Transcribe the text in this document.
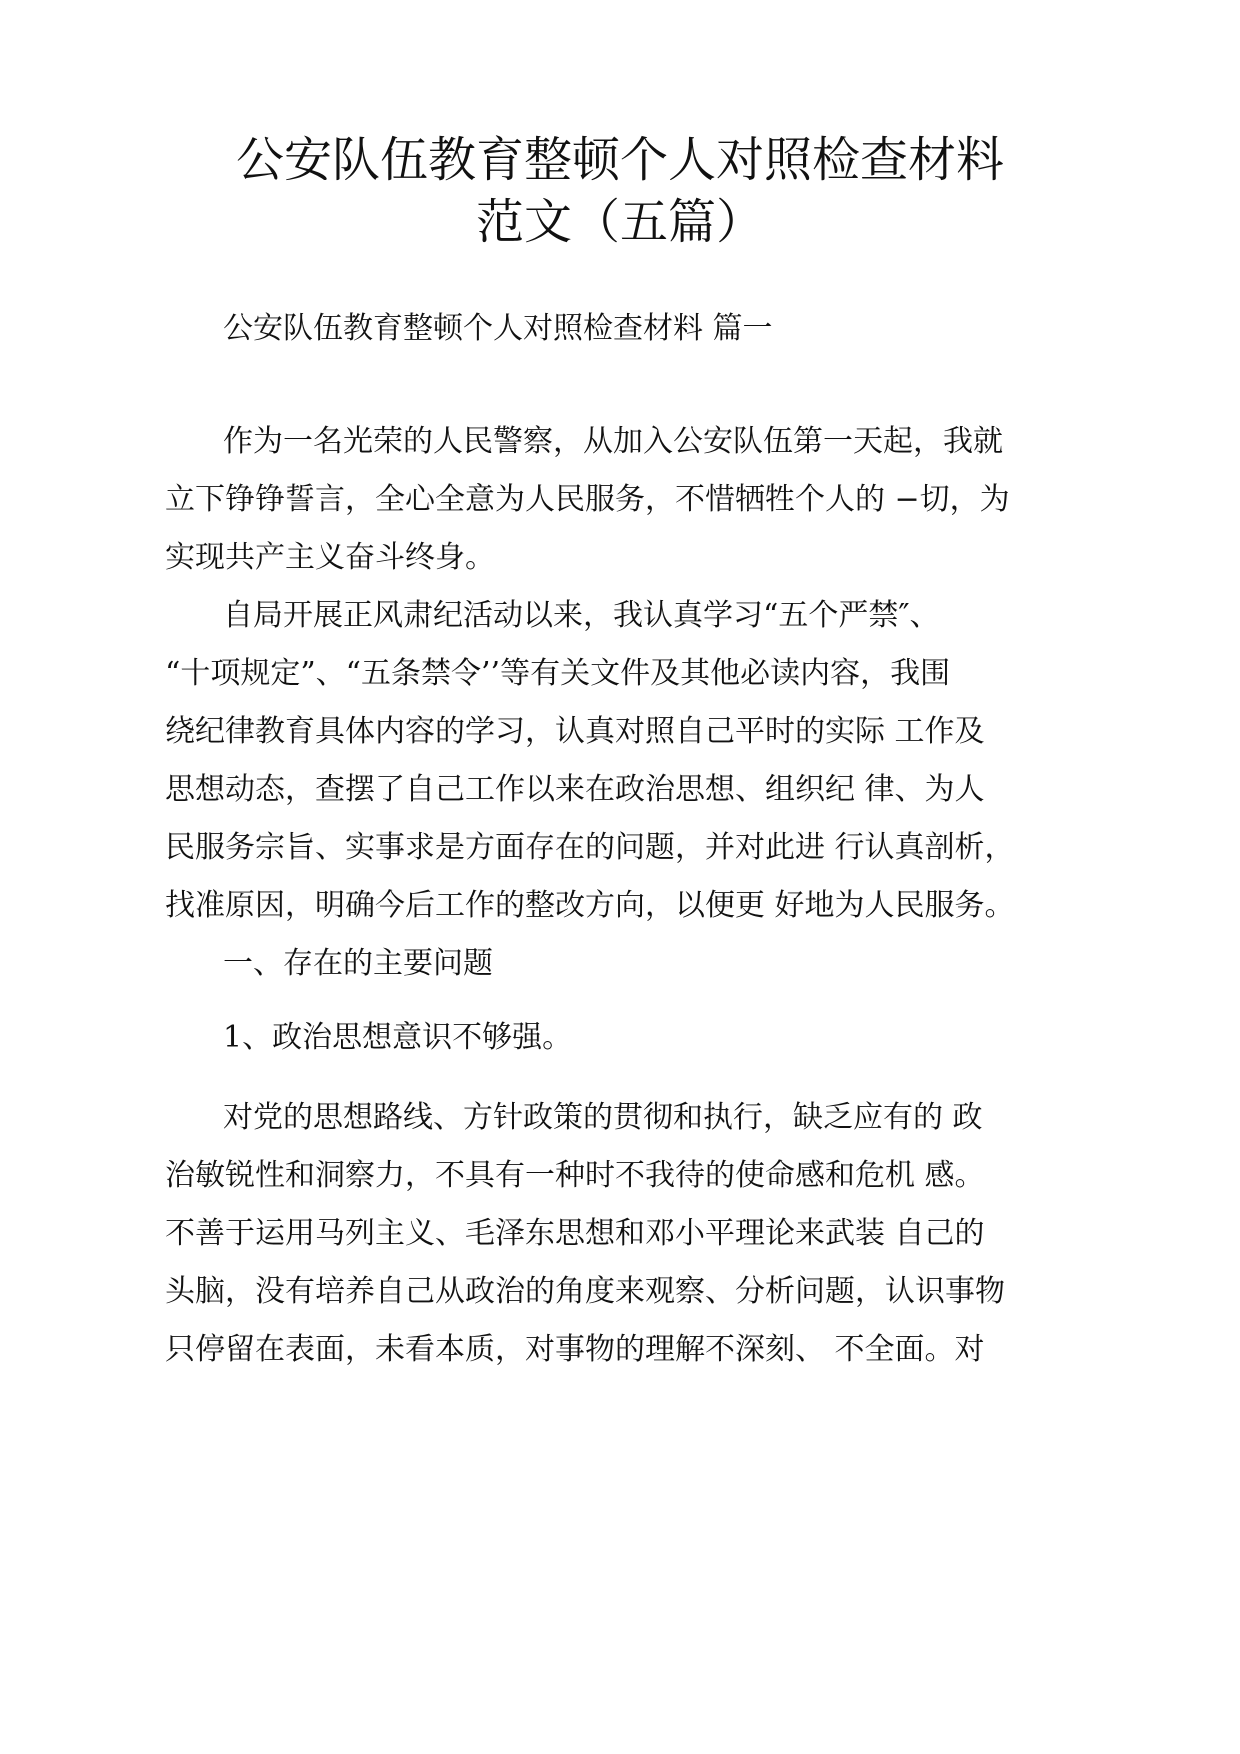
公安队伍教育整顿个人对照检查材料
范文（五篇）
公安队伍教育整顿个人对照检查材料 篇一
作为一名光荣的人民警察，从加入公安队伍第一天起，我就
立下铮铮誓言，全心全意为人民服务，不惜牺牲个人的 −切，为
实现共产主义奋斗终身。
自局开展正风肃纪活动以来，我认真学习“五个严禁″、
“十项规定”、“五条禁令’’等有关文件及其他必读内容，我围
绕纪律教育具体内容的学习，认真对照自己平时的实际 工作及
思想动态，查摆了自己工作以来在政治思想、组织纪 律、为人
民服务宗旨、实事求是方面存在的问题，并对此进 行认真剖析，
找准原因，明确今后工作的整改方向，以便更 好地为人民服务。
一、存在的主要问题
1、政治思想意识不够强。
对党的思想路线、方针政策的贯彻和执行，缺乏应有的 政
治敏锐性和洞察力，不具有一种时不我待的使命感和危机 感。
不善于运用马列主义、毛泽东思想和邓小平理论来武装 自己的
头脑，没有培养自己从政治的角度来观察、分析问题，认识事物
只停留在表面，未看本质，对事物的理解不深刻、 不全面。对
